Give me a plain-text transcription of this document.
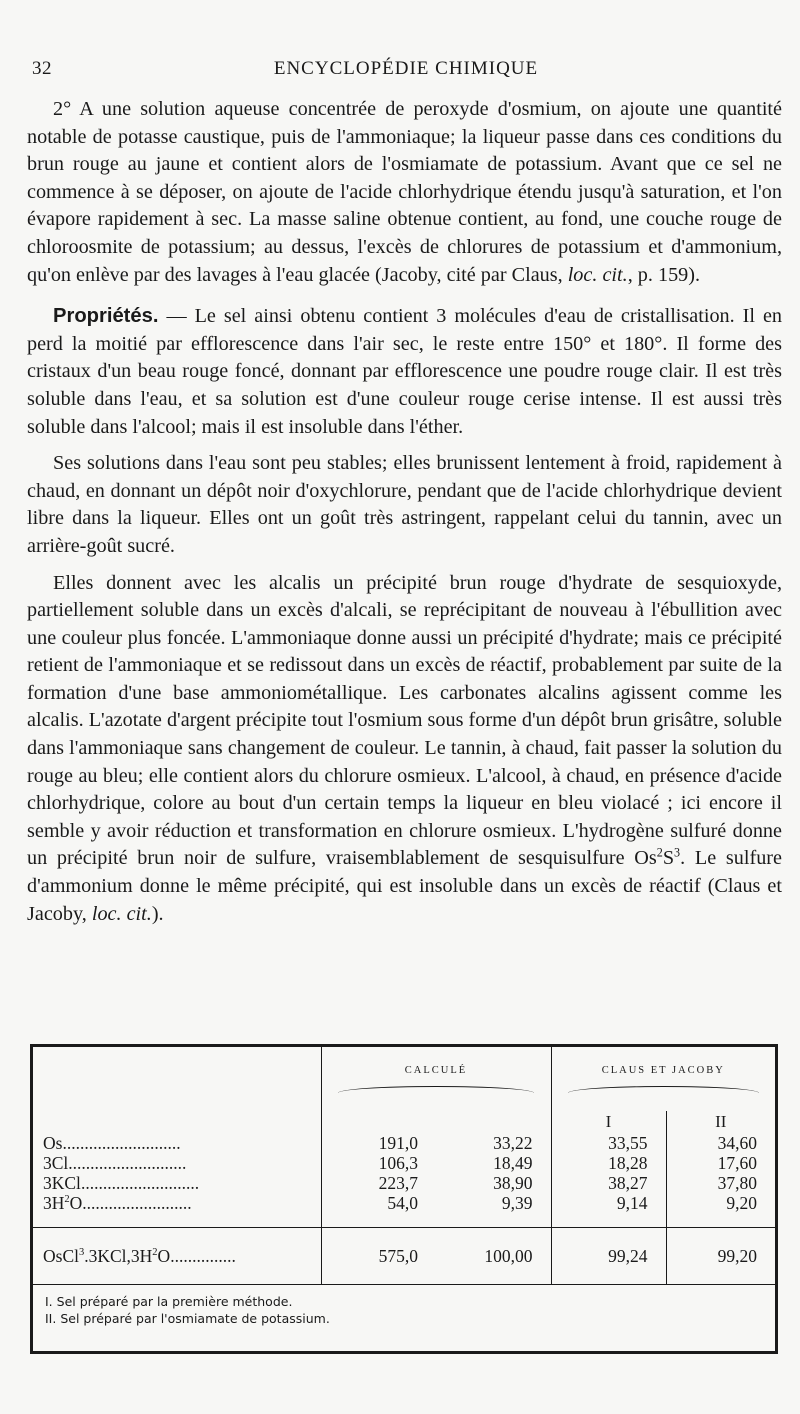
32	ENCYCLOPÉDIE CHIMIQUE

2° A une solution aqueuse concentrée de peroxyde d'osmium, on ajoute une quantité notable de potasse caustique, puis de l'ammoniaque; la liqueur passe dans ces conditions du brun rouge au jaune et contient alors de l'osmiamate de potassium. Avant que ce sel ne commence à se déposer, on ajoute de l'acide chlorhydrique étendu jusqu'à saturation, et l'on évapore rapidement à sec. La masse saline obtenue contient, au fond, une couche rouge de chloroosmite de potassium; au dessus, l'excès de chlorures de potassium et d'ammonium, qu'on enlève par des lavages à l'eau glacée (Jacoby, cité par Claus, loc. cit., p. 159).

Propriétés. — Le sel ainsi obtenu contient 3 molécules d'eau de cristallisation. Il en perd la moitié par efflorescence dans l'air sec, le reste entre 150° et 180°. Il forme des cristaux d'un beau rouge foncé, donnant par efflorescence une poudre rouge clair. Il est très soluble dans l'eau, et sa solution est d'une couleur rouge cerise intense. Il est aussi très soluble dans l'alcool; mais il est insoluble dans l'éther.

Ses solutions dans l'eau sont peu stables; elles brunissent lentement à froid, rapidement à chaud, en donnant un dépôt noir d'oxychlorure, pendant que de l'acide chlorhydrique devient libre dans la liqueur. Elles ont un goût très astringent, rappelant celui du tannin, avec un arrière-goût sucré.

Elles donnent avec les alcalis un précipité brun rouge d'hydrate de sesquioxyde, partiellement soluble dans un excès d'alcali, se reprécipitant de nouveau à l'ébullition avec une couleur plus foncée. L'ammoniaque donne aussi un précipité d'hydrate; mais ce précipité retient de l'ammoniaque et se redissout dans un excès de réactif, probablement par suite de la formation d'une base ammoniométallique. Les carbonates alcalins agissent comme les alcalis. L'azotate d'argent précipite tout l'osmium sous forme d'un dépôt brun grisâtre, soluble dans l'ammoniaque sans changement de couleur. Le tannin, à chaud, fait passer la solution du rouge au bleu; elle contient alors du chlorure osmieux. L'alcool, à chaud, en présence d'acide chlorhydrique, colore au bout d'un certain temps la liqueur en bleu violacé ; ici encore il semble y avoir réduction et transformation en chlorure osmieux. L'hydrogène sulfuré donne un précipité brun noir de sulfure, vraisemblablement de sesquisulfure $Os^2S^3$. Le sulfure d'ammonium donne le même précipité, qui est insoluble dans un excès de réactif (Claus et Jacoby, loc. cit.).

	CALCULÉ		CLAUS ET JACOBY	

			I	II
Os...........................	191,0	33,22	33,55	34,60
3Cl...........................	106,3	18,49	18,28	17,60
3KCl...........................	223,7	38,90	38,27	37,80
$3H^2O$.........................	54,0	9,39	9,14	9,20

$OsCl^3.3KCl,3H^2O$...............	575,0	100,00	99,24	99,20

I. Sel préparé par la première méthode.
II. Sel préparé par l'osmiamate de potassium.				
